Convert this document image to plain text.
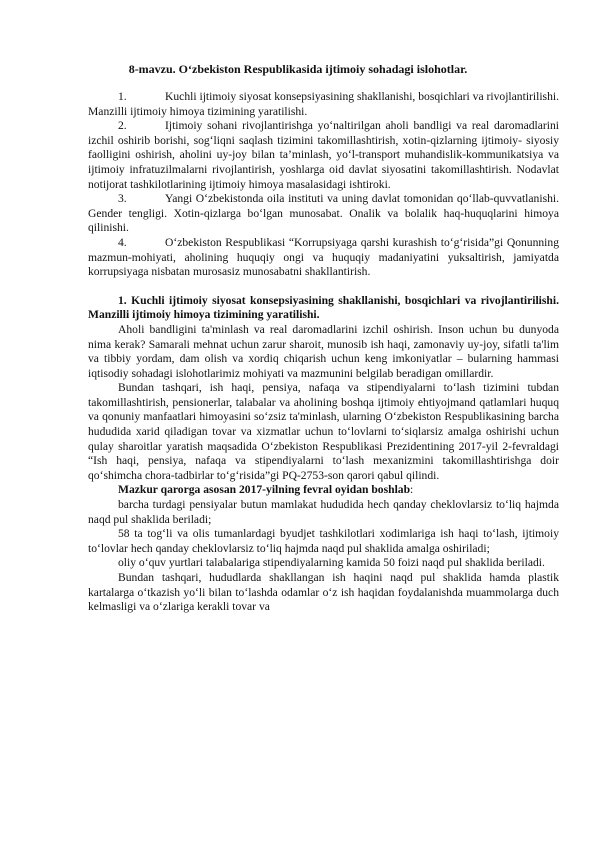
8-mavzu. O‘zbekiston Respublikasida ijtimoiy sohadagi islohotlar.
1.	Kuchli ijtimoiy siyosat konsepsiyasining shakllanishi, bosqichlari va rivojlantirilishi. Manzilli ijtimoiy himoya tizimining yaratilishi.
2.	Ijtimoiy sohani rivojlantirishga yo‘naltirilgan aholi bandligi va real daromadlarini izchil oshirib borishi, sog‘liqni saqlash tizimini takomillashtirish, xotin-qizlarning ijtimoiy- siyosiy faolligini oshirish, aholini uy-joy bilan ta’minlash, yo‘l-transport muhandislik-kommunikatsiya va ijtimoiy infratuzilmalarni rivojlantirish, yoshlarga oid davlat siyosatini takomillashtirish. Nodavlat notijorat tashkilotlarining ijtimoiy himoya masalasidagi ishtiroki.
3.	Yangi O‘zbekistonda oila instituti va uning davlat tomonidan qo‘llab-quvvatlanishi. Gender tengligi. Xotin-qizlarga bo‘lgan munosabat. Onalik va bolalik haq-huquqlarini himoya qilinishi.
4.	O‘zbekiston Respublikasi “Korrupsiyaga qarshi kurashish to‘g‘risida”gi Qonunning mazmun-mohiyati, aholining huquqiy ongi va huquqiy madaniyatini yuksaltirish, jamiyatda korrupsiyaga nisbatan murosasiz munosabatni shakllantirish.

1. Kuchli ijtimoiy siyosat konsepsiyasining shakllanishi, bosqichlari va rivojlantirilishi. Manzilli ijtimoiy himoya tizimining yaratilishi.

Aholi bandligini ta'minlash va real daromadlarini izchil oshirish. Inson uchun bu dunyoda nima kerak? Samarali mehnat uchun zarur sharoit, munosib ish haqi, zamonaviy uy-joy, sifatli ta'lim va tibbiy yordam, dam olish va xordiq chiqarish uchun keng imkoniyatlar – bularning hammasi iqtisodiy sohadagi islohotlarimiz mohiyati va mazmunini belgilab beradigan omillardir.

Bundan tashqari, ish haqi, pensiya, nafaqa va stipendiyalarni to‘lash tizimini tubdan takomillashtirish, pensionerlar, talabalar va aholining boshqa ijtimoiy ehtiyojmand qatlamlari huquq va qonuniy manfaatlari himoyasini so‘zsiz ta'minlash, ularning O‘zbekiston Respublikasining barcha hududida xarid qiladigan tovar va xizmatlar uchun to‘lovlarni to‘siqlarsiz amalga oshirishi uchun qulay sharoitlar yaratish maqsadida O‘zbekiston Respublikasi Prezidentining 2017-yil 2-fevraldagi “Ish haqi, pensiya, nafaqa va stipendiyalarni to‘lash mexanizmini takomillashtirishga doir qo‘shimcha chora-tadbirlar to‘g‘risida”gi PQ-2753-son qarori qabul qilindi.

Mazkur qarorga asosan 2017-yilning fevral oyidan boshlab:

barcha turdagi pensiyalar butun mamlakat hududida hech qanday cheklovlarsiz to‘liq hajmda naqd pul shaklida beriladi;

58 ta tog‘li va olis tumanlardagi byudjet tashkilotlari xodimlariga ish haqi to‘lash, ijtimoiy to‘lovlar hech qanday cheklovlarsiz to‘liq hajmda naqd pul shaklida amalga oshiriladi;

oliy o‘quv yurtlari talabalariga stipendiyalarning kamida 50 foizi naqd pul shaklida beriladi.

Bundan tashqari, hududlarda shakllangan ish haqini naqd pul shaklida hamda plastik kartalarga o‘tkazish yo‘li bilan to‘lashda odamlar o‘z ish haqidan foydalanishda muammolarga duch kelmasligi va o‘zlariga kerakli tovar va
